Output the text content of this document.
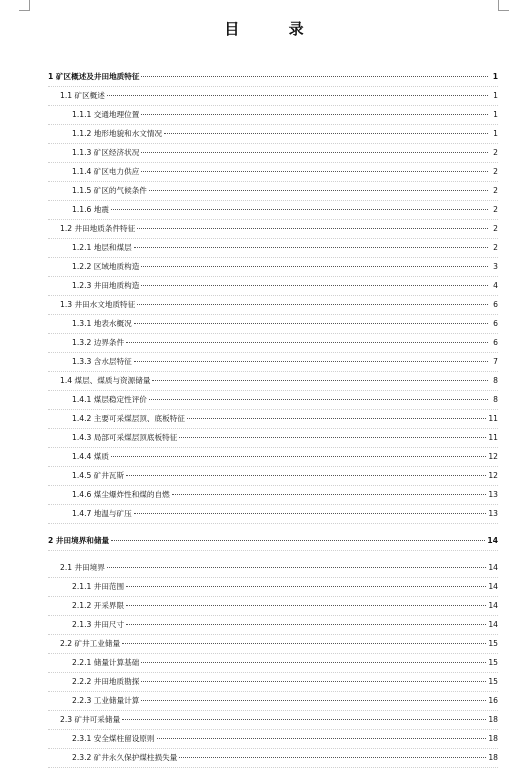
目 录
1 矿区概述及井田地质特征	1
1.1 矿区概述	1
1.1.1 交通地理位置	1
1.1.2 地形地貌和水文情况	1
1.1.3 矿区经济状况	2
1.1.4 矿区电力供应	2
1.1.5 矿区的气候条件	2
1.1.6 地震	2
1.2 井田地质条件特征	2
1.2.1 地层和煤层	2
1.2.2 区域地质构造	3
1.2.3 井田地质构造	4
1.3 井田水文地质特征	6
1.3.1 地表水概况	6
1.3.2 边界条件	6
1.3.3 含水层特征	7
1.4 煤层、煤质与资源储量	8
1.4.1 煤层稳定性评价	8
1.4.2 主要可采煤层顶、底板特征	11
1.4.3 局部可采煤层顶底板特征	11
1.4.4 煤质	12
1.4.5 矿井瓦斯	12
1.4.6 煤尘爆炸性和煤的自燃	13
1.4.7 地温与矿压	13
2 井田境界和储量	14
2.1 井田境界	14
2.1.1 井田范围	14
2.1.2 开采界限	14
2.1.3 井田尺寸	14
2.2 矿井工业储量	15
2.2.1 储量计算基础	15
2.2.2 井田地质勘探	15
2.2.3 工业储量计算	16
2.3 矿井可采储量	18
2.3.1 安全煤柱留设原则	18
2.3.2 矿井永久保护煤柱损失量	18
